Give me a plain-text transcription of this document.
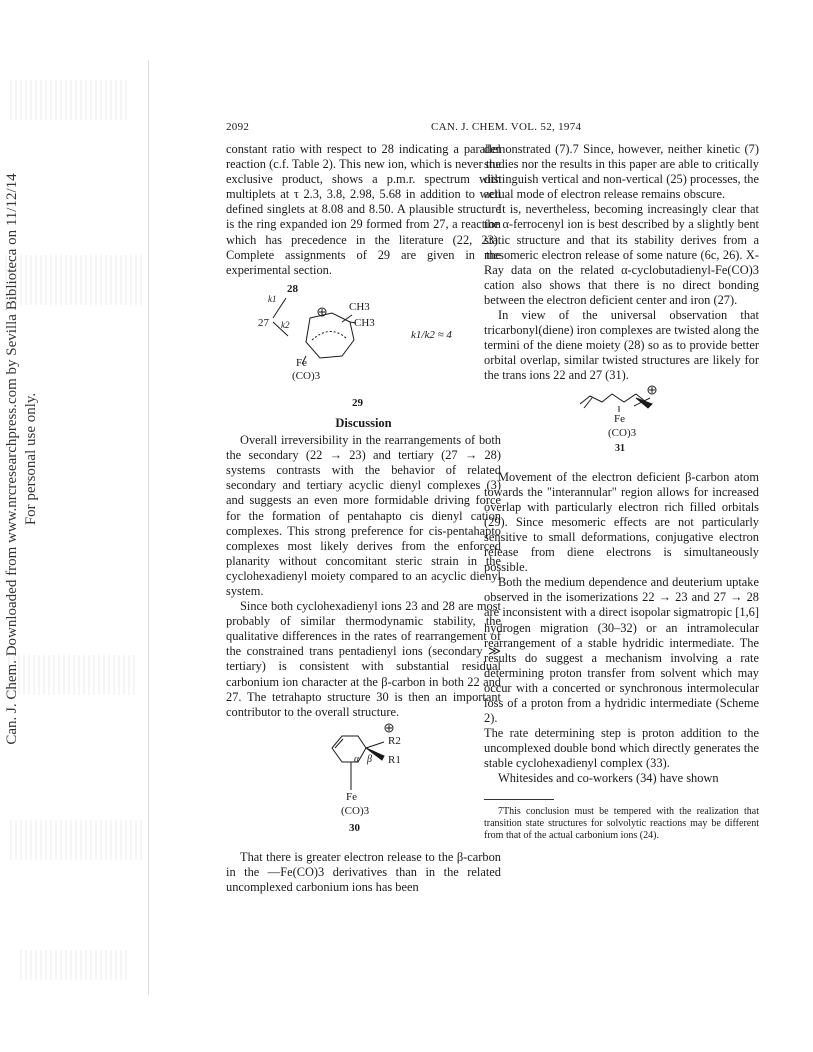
Can. J. Chem. Downloaded from www.nrcresearchpress.com by Sevilla Biblioteca on 11/12/14 For personal use only.
2092	CAN. J. CHEM. VOL. 52, 1974

constant ratio with respect to 28 indicating a parallel reaction (c.f. Table 2). This new ion, which is never the exclusive product, shows a p.m.r. spectrum with multiplets at τ 2.3, 3.8, 2.98, 5.68 in addition to well defined singlets at 8.08 and 8.50. A plausible structure is the ring expanded ion 29 formed from 27, a reaction which has precedence in the literature (22, 23). Complete assignments of 29 are given in the experimental section.

27
28
k1
k2
CH3
CH3
Fe
(CO)3
k1/k2 ≈ 4
29
Discussion

Overall irreversibility in the rearrangements of both the secondary (22 → 23) and tertiary (27 → 28) systems contrasts with the behavior of related secondary and tertiary acyclic dienyl complexes (3) and suggests an even more formidable driving force for the formation of pentahapto cis dienyl cation complexes. This strong preference for cis-pentahapto complexes most likely derives from the enforced planarity without concomitant steric strain in the cyclohexadienyl moiety compared to an acyclic dienyl system.

Since both cyclohexadienyl ions 23 and 28 are most probably of similar thermodynamic stability, the qualitative differences in the rates of rearrangement of the constrained trans pentadienyl ions (secondary ≫ tertiary) is consistent with substantial residual carbonium ion character at the β-carbon in both 22 and 27. The tetrahapto structure 30 is then an important contributor to the overall structure.

R2
R1
α β
Fe
(CO)3
30

That there is greater electron release to the β-carbon in the —Fe(CO)3 derivatives than in the related uncomplexed carbonium ions has been

demonstrated (7).7 Since, however, neither kinetic (7) studies nor the results in this paper are able to critically distinguish vertical and non-vertical (25) processes, the actual mode of electron release remains obscure.

It is, nevertheless, becoming increasingly clear that the α-ferrocenyl ion is best described by a slightly bent static structure and that its stability derives from a mesomeric electron release of some nature (6c, 26). X-Ray data on the related α-cyclobutadienyl-Fe(CO)3 cation also shows that there is no direct bonding between the electron deficient center and iron (27).

In view of the universal observation that tricarbonyl(diene) iron complexes are twisted along the termini of the diene moiety (28) so as to provide better orbital overlap, similar twisted structures are likely for the trans ions 22 and 27 (31).

Fe
(CO)3
31

Movement of the electron deficient β-carbon atom towards the "interannular" region allows for increased overlap with particularly electron rich filled orbitals (29). Since mesomeric effects are not particularly sensitive to small deformations, conjugative electron release from diene electrons is simultaneously possible.

Both the medium dependence and deuterium uptake observed in the isomerizations 22 → 23 and 27 → 28 are inconsistent with a direct isopolar sigmatropic [1,6] hydrogen migration (30–32) or an intramolecular rearrangement of a stable hydridic intermediate. The results do suggest a mechanism involving a rate determining proton transfer from solvent which may occur with a concerted or synchronous intermolecular loss of a proton from a hydridic intermediate (Scheme 2).

The rate determining step is proton addition to the uncomplexed double bond which directly generates the stable cyclohexadienyl complex (33).

Whitesides and co-workers (34) have shown

7This conclusion must be tempered with the realization that transition state structures for solvolytic reactions may be different from that of the actual carbonium ions (24).
